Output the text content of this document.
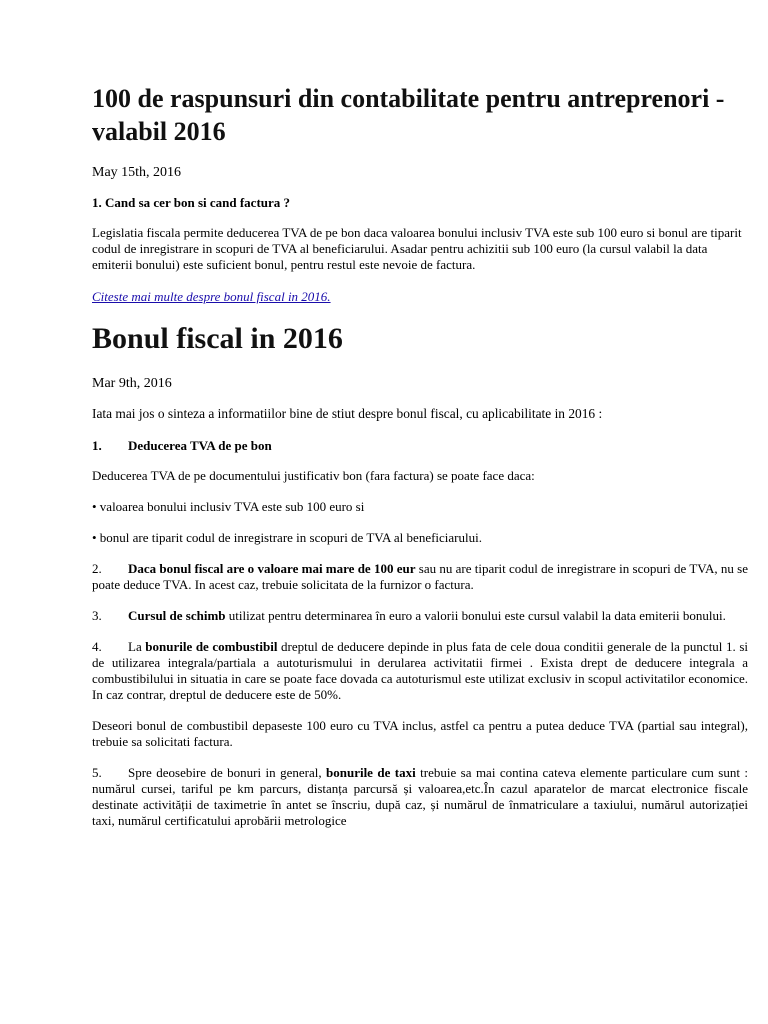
100 de raspunsuri din contabilitate pentru antreprenori -valabil 2016
May 15th, 2016
1. Cand sa cer bon si cand factura ?

Legislatia fiscala permite deducerea TVA de pe bon daca valoarea bonului inclusiv TVA este sub 100 euro si bonul are tiparit codul de inregistrare in scopuri de TVA al beneficiarului. Asadar pentru achizitii sub 100 euro (la cursul valabil la data emiterii bonului) este suficient bonul, pentru restul este nevoie de factura.

Citeste mai multe despre bonul fiscal in 2016.
Bonul fiscal in 2016
Mar 9th, 2016

Iata mai jos o sinteza a informatiilor bine de stiut despre bonul fiscal, cu aplicabilitate in 2016 :

1. Deducerea TVA de pe bon

Deducerea TVA de pe documentului justificativ bon (fara factura) se poate face daca:

• valoarea bonului inclusiv TVA este sub 100 euro si

• bonul are tiparit codul de inregistrare in scopuri de TVA al beneficiarului.

2. Daca bonul fiscal are o valoare mai mare de 100 eur sau nu are tiparit codul de inregistrare in scopuri de TVA, nu se poate deduce TVA. In acest caz, trebuie solicitata de la furnizor o factura.

3. Cursul de schimb utilizat pentru determinarea în euro a valorii bonului este cursul valabil la data emiterii bonului.

4. La bonurile de combustibil dreptul de deducere depinde in plus fata de cele doua conditii generale de la punctul 1. si de utilizarea integrala/partiala a autoturismului in derularea activitatii firmei . Exista drept de deducere integrala a combustibilului in situatia in care se poate face dovada ca autoturismul este utilizat exclusiv in scopul activitatilor economice. In caz contrar, dreptul de deducere este de 50%.

Deseori bonul de combustibil depaseste 100 euro cu TVA inclus, astfel ca pentru a putea deduce TVA (partial sau integral), trebuie sa solicitati factura.

5. Spre deosebire de bonuri in general, bonurile de taxi trebuie sa mai contina cateva elemente particulare cum sunt : numărul cursei, tariful pe km parcurs, distanța parcursă și valoarea,etc.În cazul aparatelor de marcat electronice fiscale destinate activității de taximetrie în antet se înscriu, după caz, și numărul de înmatriculare a taxiului, numărul autorizației taxi, numărul certificatului aprobării metrologice
